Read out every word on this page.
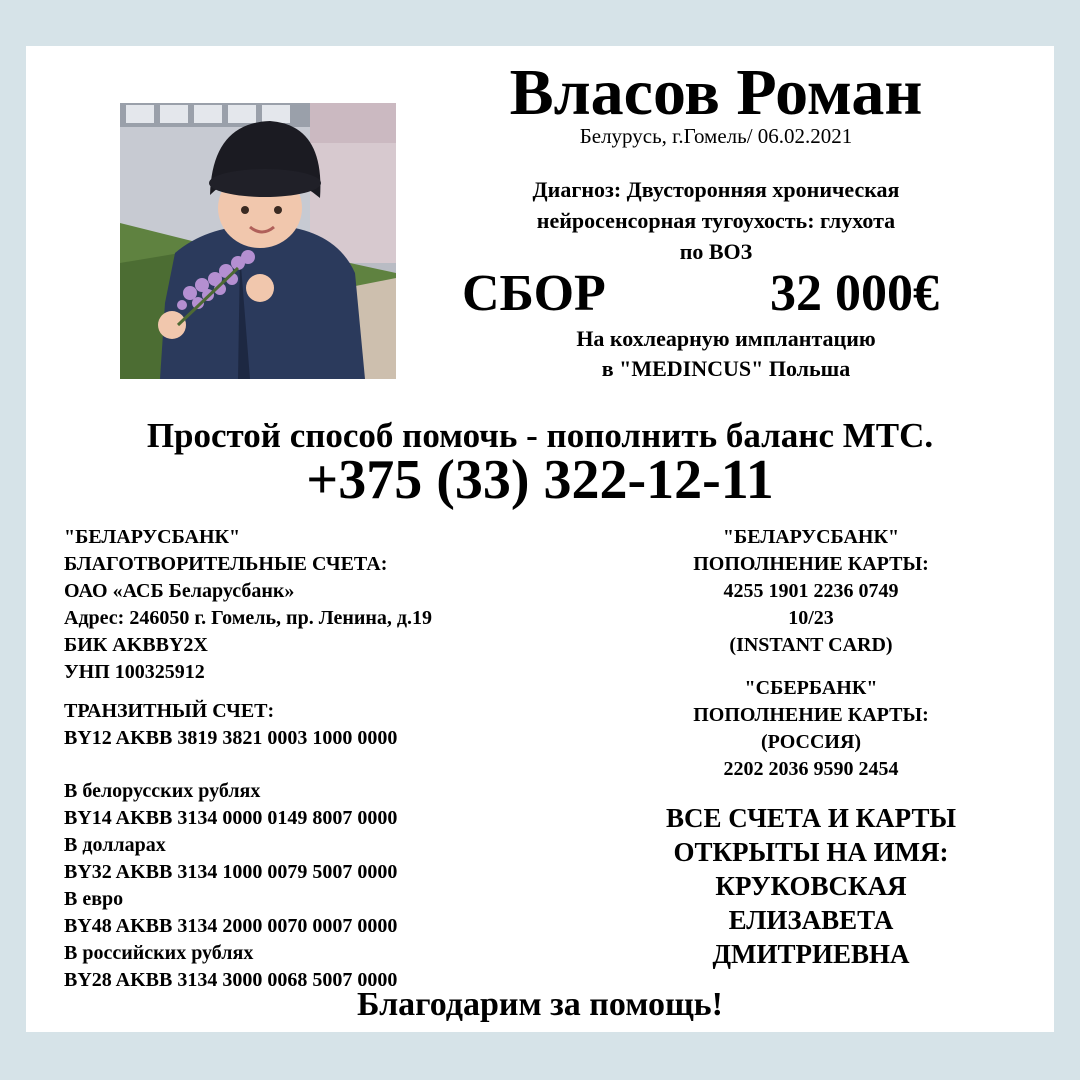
Власов Роман
Белурусь, г.Гомель/ 06.02.2021
Диагноз: Двусторонняя хроническая
нейросенсорная тугоухость: глухота
по ВОЗ
СБОР	32 000€
На кохлеарную имплантацию
в "MEDINCUS" Польша
Простой способ помочь - пополнить баланс МТС.
+375 (33) 322-12-11
"БЕЛАРУСБАНК"
БЛАГОТВОРИТЕЛЬНЫЕ СЧЕТА:
ОАО «АСБ Беларусбанк»
Адрес: 246050 г. Гомель, пр. Ленина, д.19
БИК AKBBY2X
УНП 100325912
ТРАНЗИТНЫЙ СЧЕТ:
BY12 AKBB 3819 3821 0003 1000 0000
В белорусских рублях
BY14 AKBB 3134 0000 0149 8007 0000
В долларах
BY32 AKBB 3134 1000 0079 5007 0000
В евро
BY48 AKBB 3134 2000 0070 0007 0000
В российских рублях
BY28 AKBB 3134 3000 0068 5007 0000
"БЕЛАРУСБАНК"
ПОПОЛНЕНИЕ КАРТЫ:
4255 1901 2236 0749
10/23
(INSTANT CARD)
"СБЕРБАНК"
ПОПОЛНЕНИЕ КАРТЫ:
(РОССИЯ)
2202 2036 9590 2454
ВСЕ СЧЕТА И КАРТЫ
ОТКРЫТЫ НА ИМЯ:
КРУКОВСКАЯ
ЕЛИЗАВЕТА
ДМИТРИЕВНА
Благодарим за помощь!
